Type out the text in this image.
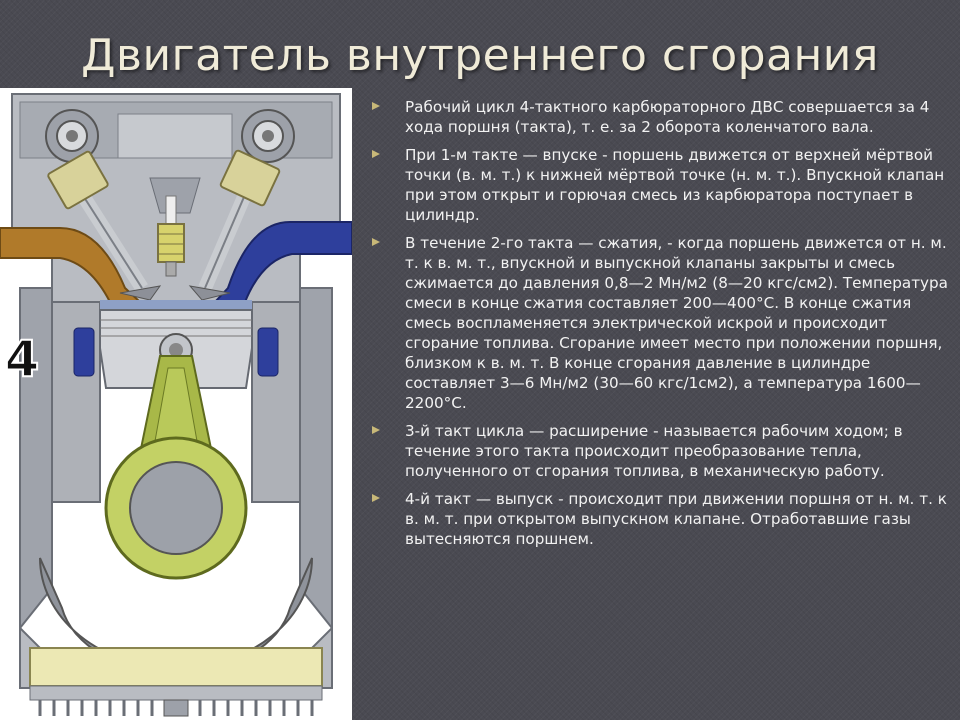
Двигатель внутреннего сгорания
4
Рабочий цикл 4-тактного карбюраторного ДВС совершается за 4 хода поршня (такта), т. е. за 2 оборота коленчатого вала.
При 1-м такте — впуске - поршень движется от верхней мёртвой точки (в. м. т.) к нижней мёртвой точке (н. м. т.). Впускной клапан при этом открыт и горючая смесь из карбюратора поступает в цилиндр.
В течение 2-го такта — сжатия, - когда поршень движется от н. м. т. к в. м. т., впускной и выпускной клапаны закрыты и смесь сжимается до давления 0,8—2 Мн/м2 (8—20 кгс/см2). Температура смеси в конце сжатия составляет 200—400°С. В конце сжатия смесь воспламеняется электрической искрой и происходит сгорание топлива. Сгорание имеет место при положении поршня, близком к в. м. т. В конце сгорания давление в цилиндре составляет 3—6 Мн/м2 (30—60 кгс/1см2), а температура 1600—2200°С.
3-й такт цикла — расширение - называется рабочим ходом; в течение этого такта происходит преобразование тепла, полученного от сгорания топлива, в механическую работу.
4-й такт — выпуск - происходит при движении поршня от н. м. т. к в. м. т. при открытом выпускном клапане. Отработавшие газы вытесняются поршнем.
